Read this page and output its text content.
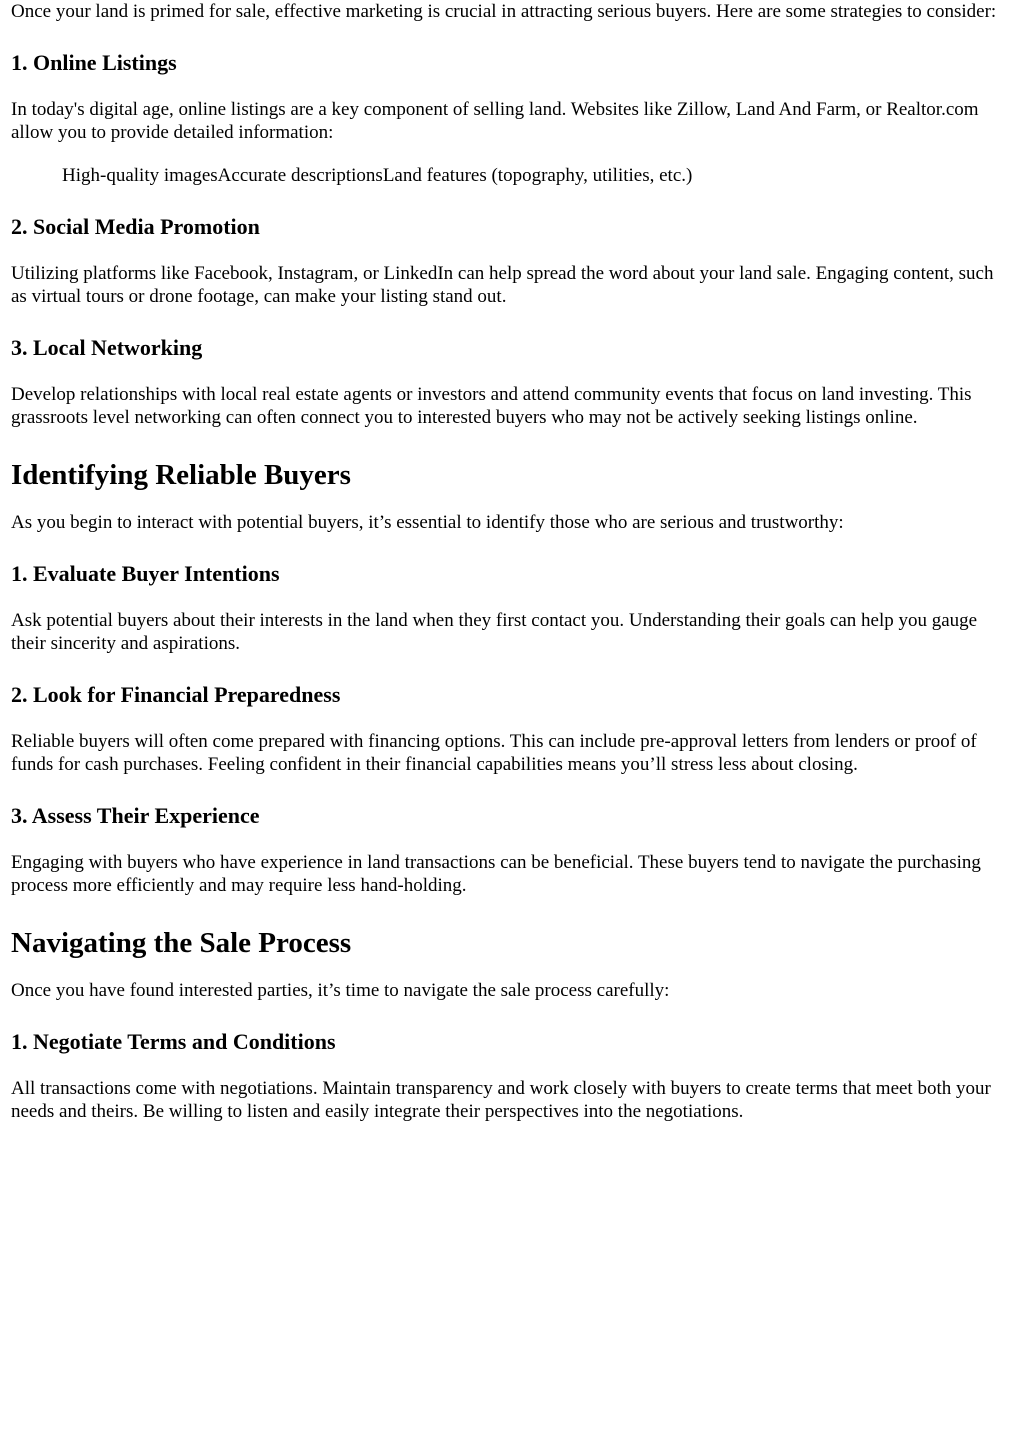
Once your land is primed for sale, effective marketing is crucial in attracting serious buyers. Here are some strategies to consider:

1. Online Listings

In today's digital age, online listings are a key component of selling land. Websites like Zillow, Land And Farm, or Realtor.com allow you to provide detailed information:

High-quality imagesAccurate descriptionsLand features (topography, utilities, etc.)
2. Social Media Promotion

Utilizing platforms like Facebook, Instagram, or LinkedIn can help spread the word about your land sale. Engaging content, such as virtual tours or drone footage, can make your listing stand out.

3. Local Networking

Develop relationships with local real estate agents or investors and attend community events that focus on land investing. This grassroots level networking can often connect you to interested buyers who may not be actively seeking listings online.

Identifying Reliable Buyers

As you begin to interact with potential buyers, it’s essential to identify those who are serious and trustworthy:

1. Evaluate Buyer Intentions

Ask potential buyers about their interests in the land when they first contact you. Understanding their goals can help you gauge their sincerity and aspirations.

2. Look for Financial Preparedness

Reliable buyers will often come prepared with financing options. This can include pre-approval letters from lenders or proof of funds for cash purchases. Feeling confident in their financial capabilities means you’ll stress less about closing.

3. Assess Their Experience

Engaging with buyers who have experience in land transactions can be beneficial. These buyers tend to navigate the purchasing process more efficiently and may require less hand-holding.

Navigating the Sale Process

Once you have found interested parties, it’s time to navigate the sale process carefully:

1. Negotiate Terms and Conditions

All transactions come with negotiations. Maintain transparency and work closely with buyers to create terms that meet both your needs and theirs. Be willing to listen and easily integrate their perspectives into the negotiations.
